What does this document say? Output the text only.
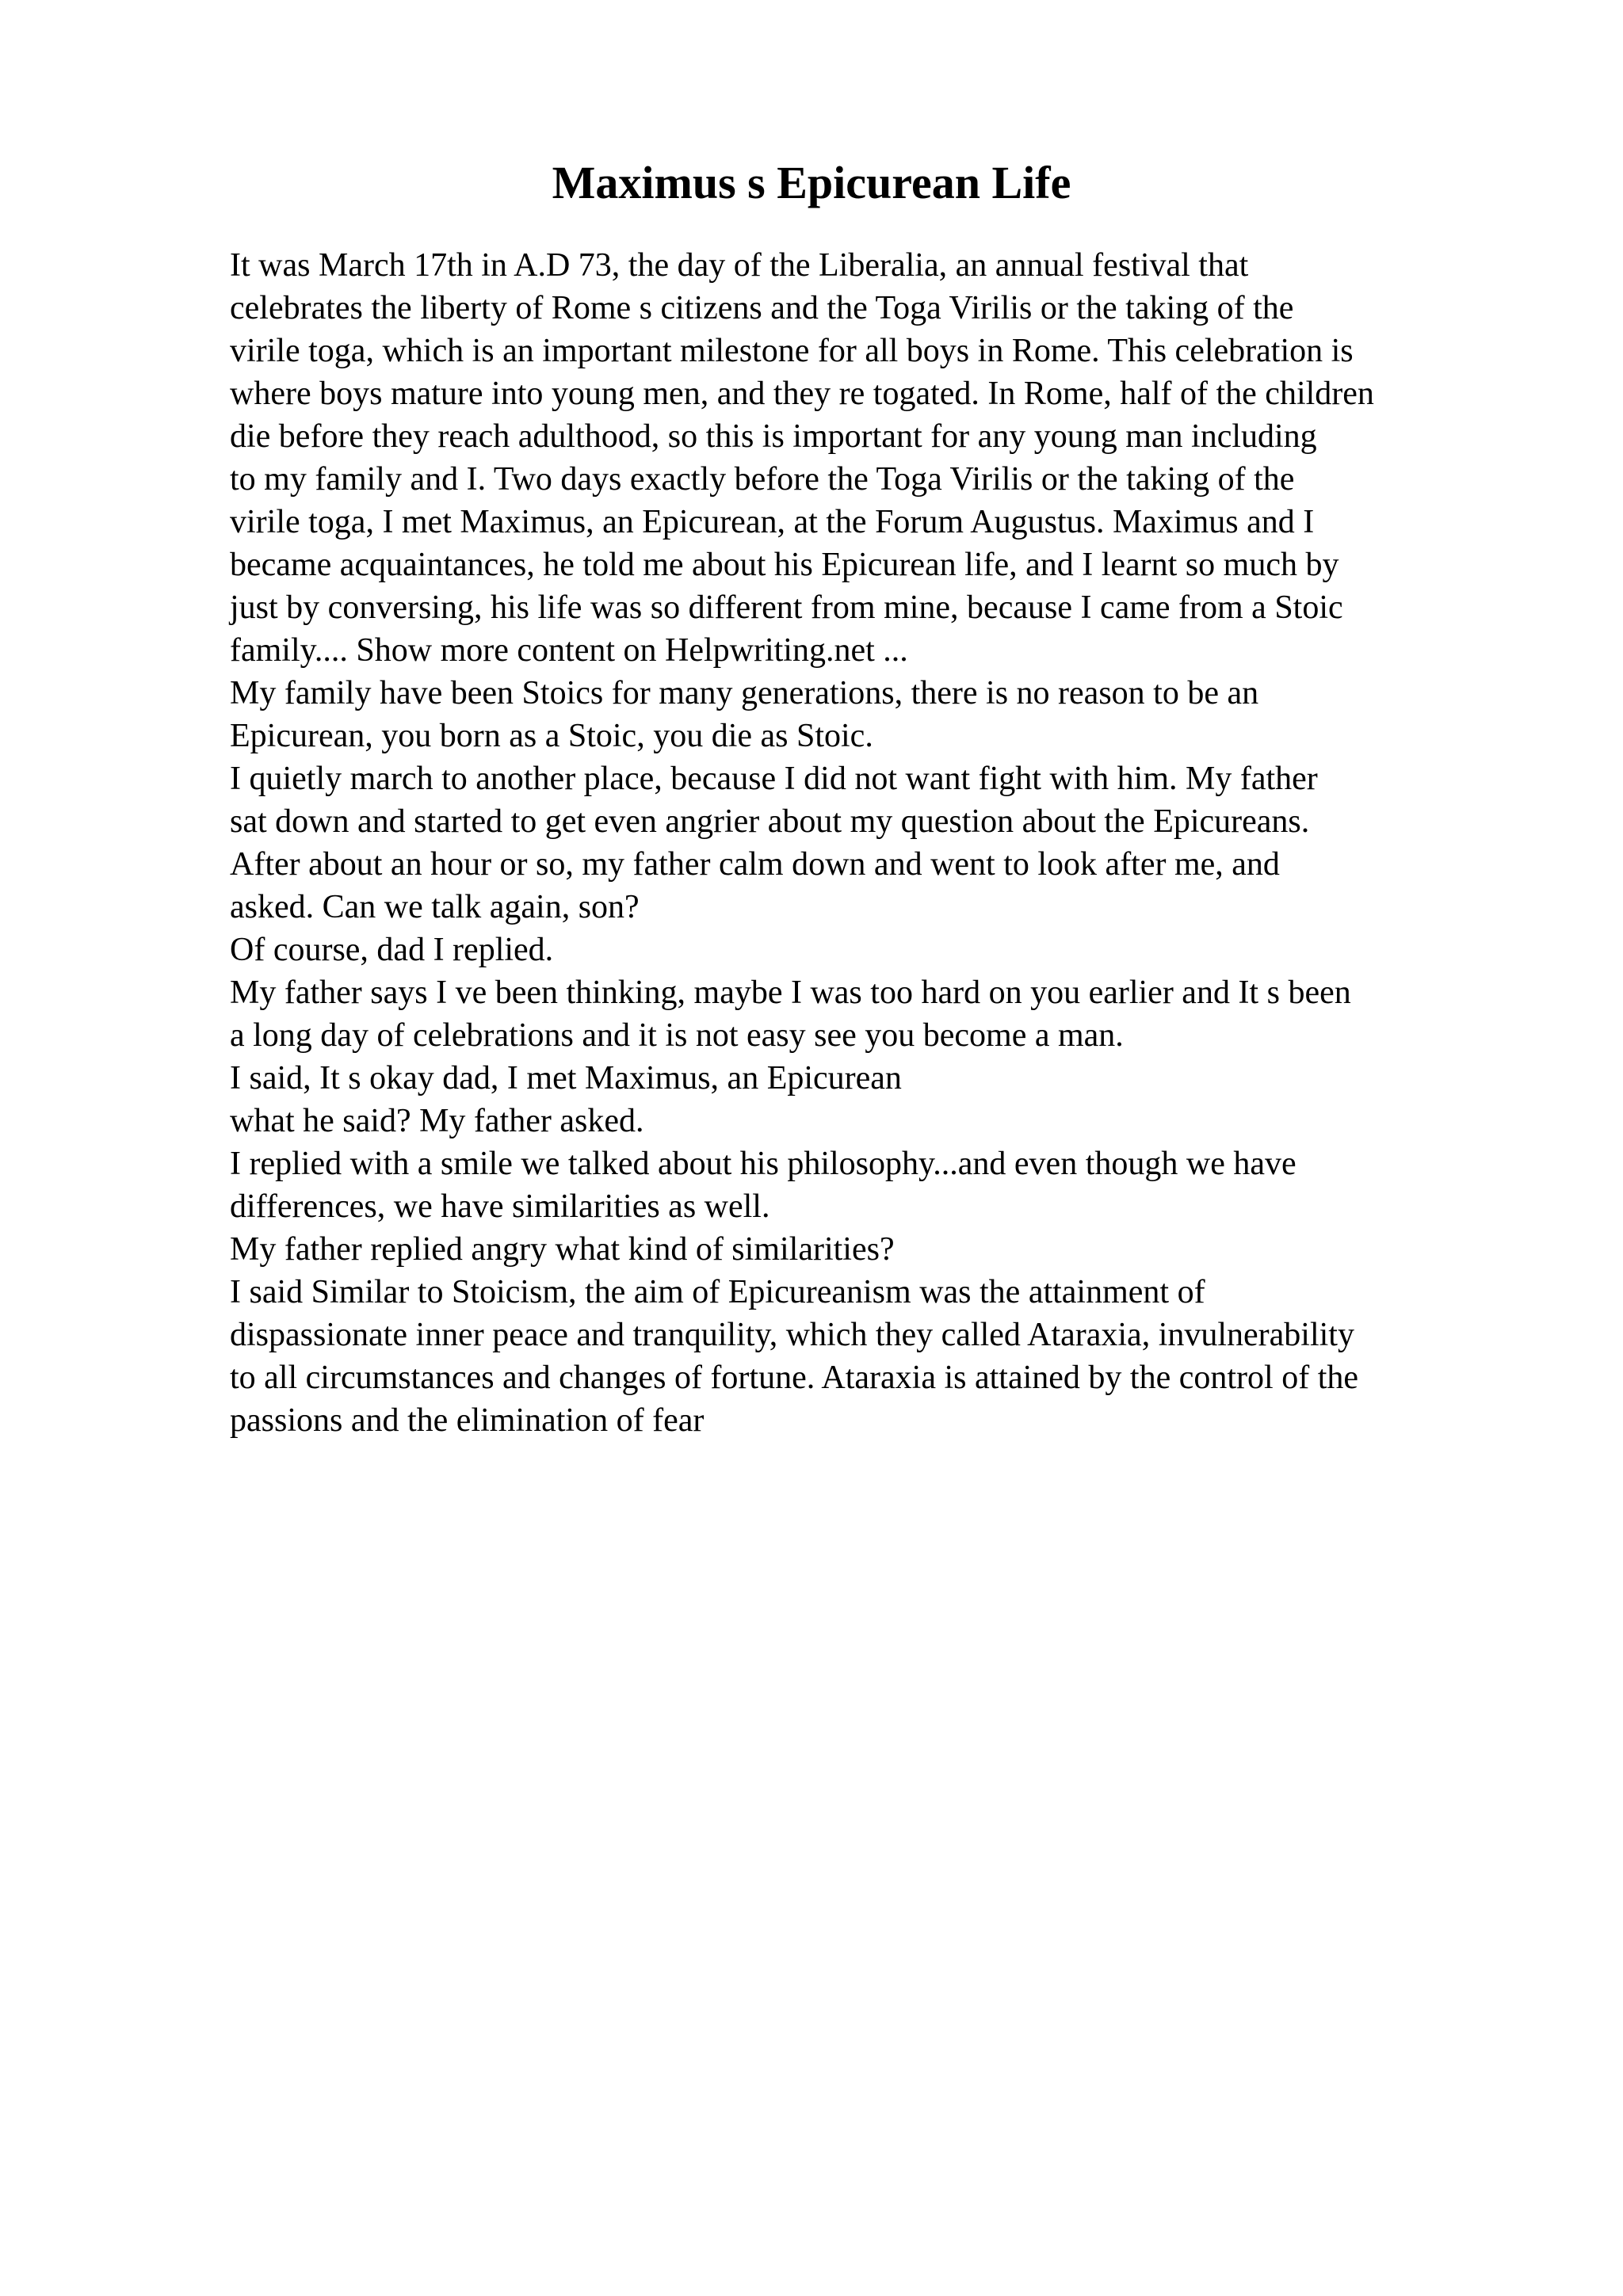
Maximus s Epicurean Life
It was March 17th in A.D 73, the day of the Liberalia, an annual festival that
celebrates the liberty of Rome s citizens and the Toga Virilis or the taking of the
virile toga, which is an important milestone for all boys in Rome. This celebration is
where boys mature into young men, and they re togated. In Rome, half of the children
die before they reach adulthood, so this is important for any young man including
to my family and I. Two days exactly before the Toga Virilis or the taking of the
virile toga, I met Maximus, an Epicurean, at the Forum Augustus. Maximus and I
became acquaintances, he told me about his Epicurean life, and I learnt so much by
just by conversing, his life was so different from mine, because I came from a Stoic
family.... Show more content on Helpwriting.net ...
My family have been Stoics for many generations, there is no reason to be an
Epicurean, you born as a Stoic, you die as Stoic.
I quietly march to another place, because I did not want fight with him. My father
sat down and started to get even angrier about my question about the Epicureans.
After about an hour or so, my father calm down and went to look after me, and
asked. Can we talk again, son?
Of course, dad I replied.
My father says I ve been thinking, maybe I was too hard on you earlier and It s been
a long day of celebrations and it is not easy see you become a man.
I said, It s okay dad, I met Maximus, an Epicurean
what he said? My father asked.
I replied with a smile we talked about his philosophy...and even though we have
differences, we have similarities as well.
My father replied angry what kind of similarities?
I said Similar to Stoicism, the aim of Epicureanism was the attainment of
dispassionate inner peace and tranquility, which they called Ataraxia, invulnerability
to all circumstances and changes of fortune. Ataraxia is attained by the control of the
passions and the elimination of fear
